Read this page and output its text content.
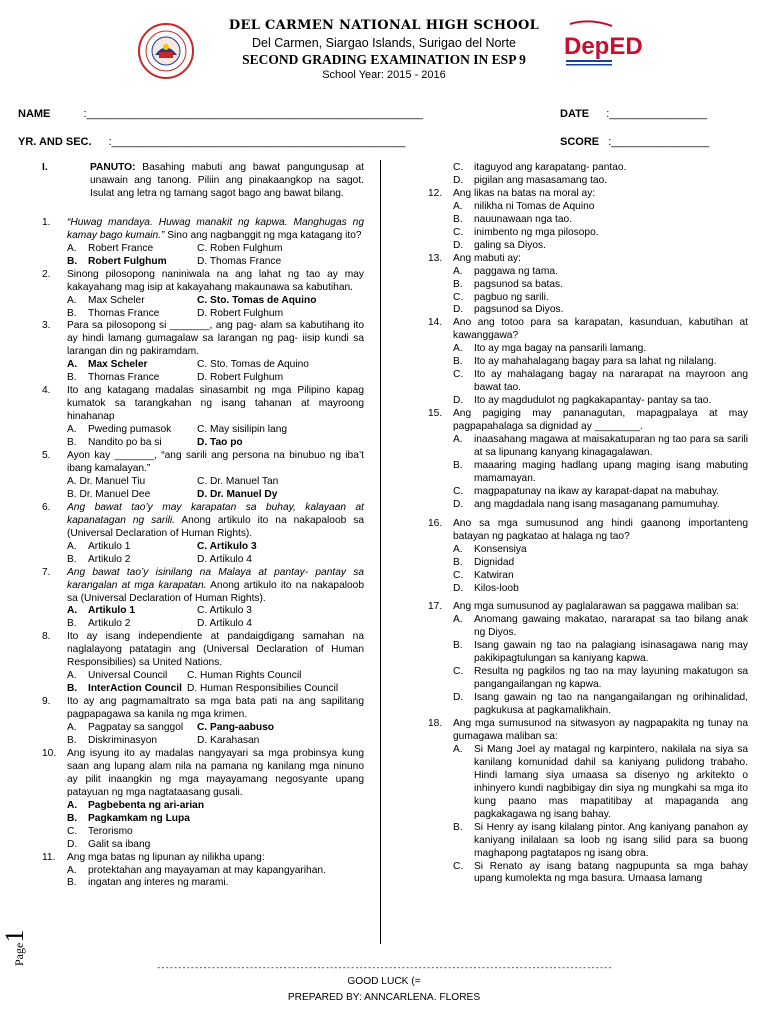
DepED
DEL CARMEN NATIONAL HIGH SCHOOL
Del Carmen, Siargao Islands, Surigao del Norte
SECOND GRADING EXAMINATION IN ESP 9
School Year: 2015 - 2016
NAME	:_______________________________________________________	DATE :________________
YR. AND SEC. :________________________________________________	SCORE :________________
I.	PANUTO: Basahing mabuti ang bawat pangungusap at unawain ang tanong. Piliin ang pinakaangkop na sagot. Isulat ang letra ng tamang sagot bago ang bawat bilang.
1.	“Huwag mandaya. Huwag manakit ng kapwa. Manghugas ng kamay bago kumain.” Sino ang nagbanggit ng mga katagang ito?
A.	Robert France	C. Roben Fulghum
B.	Robert Fulghum	D. Thomas France
2.	Sinong pilosopong naniniwala na ang lahat ng tao ay may kakayahang mag isip at kakayahang makaunawa sa kabutihan.
A.	Max Scheler	C. Sto. Tomas de Aquino
B.	Thomas France	D. Robert Fulghum
3.	Para sa pilosopong si _______, ang pag- alam sa kabutihang ito ay hindi lamang gumagalaw sa larangan ng pag- iisip kundi sa larangan din ng pakiramdam.
A.	Max Scheler	C. Sto. Tomas de Aquino
B.	Thomas France	D. Robert Fulghum
4.	Ito ang katagang madalas sinasambit ng mga Pilipino kapag kumatok sa tarangkahan ng isang tahanan at mayroong hinahanap
A.	Pweding pumasok	C. May sisilipin lang
B.	Nandito po ba si	D. Tao po
5.	Ayon kay _______, “ang sarili ang persona na binubuo ng iba’t ibang kamalayan.”
A. Dr. Manuel Tiu	C. Dr. Manuel Tan
B. Dr. Manuel Dee	D. Dr. Manuel Dy
6.	Ang bawat tao’y may karapatan sa buhay, kalayaan at kapanatagan ng sarili. Anong artikulo ito na nakapaloob sa (Universal Declaration of Human Rights).
A.	Artikulo 1	C. Artikulo 3
B.	Artikulo 2	D. Artikulo 4
7.	Ang bawat tao’y isinilang na Malaya at pantay- pantay sa karangalan at mga karapatan. Anong artikulo ito na nakapaloob sa (Universal Declaration of Human Rights).
A.	Artikulo 1	C. Artikulo 3
B.	Artikulo 2	D. Artikulo 4
8.	Ito ay isang independiente at pandaigdigang samahan na naglalayong patatagin ang (Universal Declaration of Human Responsibilies) sa United Nations.
A.	Universal Council C. Human Rights Council
B.	InterAction Council D. Human Responsibilies Council
9.	Ito ay ang pagmamaltrato sa mga bata pati na ang sapilitang pagpapagawa sa kanila ng mga krimen.
A.	Pagpatay sa sanggol C. Pang-aabuso
B.	Diskriminasyon	D. Karahasan
10.	Ang isyung ito ay madalas nangyayari sa mga probinsya kung saan ang lupang alam nila na pamana ng kanilang mga ninuno ay pilit inaangkin ng mga mayayamang negosyante upang patayuan ng mga nagtataasang gusali.
A.	Pagbebenta ng ari-arian
B.	Pagkamkam ng Lupa
C.	Terorismo
D.	Galit sa ibang
11.	Ang mga batas ng lipunan ay nilikha upang:
A.	protektahan ang mayayaman at may kapangyarihan.
B.	ingatan ang interes ng marami.
C.	itaguyod ang karapatang- pantao.
D.	pigilan ang masasamang tao.
12.	Ang likas na batas na moral ay:
A.	nilikha ni Tomas de Aquino
B.	nauunawaan nga tao.
C.	inimbento ng mga pilosopo.
D.	galing sa Diyos.
13.	Ang mabuti ay:
A.	paggawa ng tama.
B.	pagsunod sa batas.
C.	pagbuo ng sarili.
D.	pagsunod sa Diyos.
14.	Ano ang totoo para sa karapatan, kasunduan, kabutihan at kawanggawa?
A.	Ito ay mga bagay na pansarili lamang.
B.	Ito ay mahahalagang bagay para sa lahat ng nilalang.
C.	Ito ay mahalagang bagay na nararapat na mayroon ang bawat tao.
D.	Ito ay magdudulot ng pagkakapantay- pantay sa tao.
15.	Ang pagiging may pananagutan, mapagpalaya at may pagpapahalaga sa dignidad ay ________.
A.	inaasahang magawa at maisakatuparan ng tao para sa sarili at sa lipunang kanyang kinagagalawan.
B.	maaaring maging hadlang upang maging isang mabuting mamamayan.
C.	magpapatunay na ikaw ay karapat-dapat na mabuhay.
D.	ang magdadala nang isang masaganang pamumuhay.
16.	Ano sa mga sumusunod ang hindi gaanong importanteng batayan ng pagkatao at halaga ng tao?
A.	Konsensiya
B.	Dignidad
C.	Katwiran
D.	Kilos-loob
17.	Ang mga sumusunod ay paglalarawan sa paggawa maliban sa:
A.	Anomang gawaing makatao, nararapat sa tao bilang anak ng Diyos.
B.	Isang gawain ng tao na palagiang isinasagawa nang may pakikipagtulungan sa kaniyang kapwa.
C.	Resulta ng pagkilos ng tao na may layuning makatugon sa pangangailangan ng kapwa.
D.	Isang gawain ng tao na nangangailangan ng orihinalidad, pagkukusa at pagkamalikhain.
18.	Ang mga sumusunod na sitwasyon ay nagpapakita ng tunay na gumagawa maliban sa:
A.	Si Mang Joel ay matagal ng karpintero, nakilala na siya sa kanilang komunidad dahil sa kaniyang pulidong trabaho. Hindi lamang siya umaasa sa disenyo ng arkitekto o inhinyero kundi nagbibigay din siya ng mungkahi sa mga ito kung paano mas mapatitibay at mapaganda ang pagkakagawa ng isang bahay.
B.	Si Henry ay isang kilalang pintor. Ang kaniyang panahon ay kaniyang inilalaan sa loob ng isang silid para sa buong maghapong pagtatapos ng isang obra.
C.	Si Renato ay isang batang nagpupunta sa mga bahay upang kumolekta ng mga basura. Umaasa lamang
Page1
------------------------------------------------------------------------------------------------------------
GOOD LUCK (=
PREPARED BY: ANNCARLENA. FLORES
